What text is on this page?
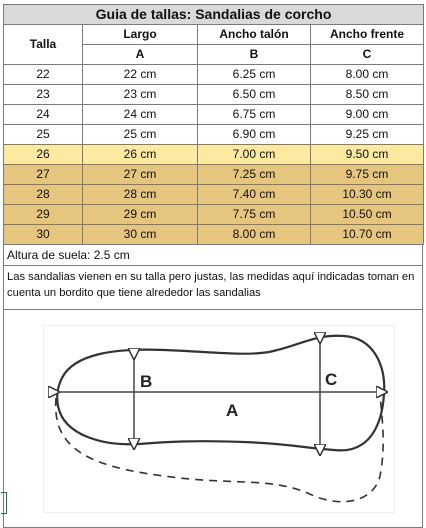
Guia de tallas: Sandalias de corcho			
Talla	Largo	Ancho talón	Ancho frente
	A	B	C
22	22 cm	6.25 cm	8.00 cm
23	23 cm	6.50 cm	8.50 cm
24	24 cm	6.75 cm	9.00 cm
25	25 cm	6.90 cm	9.25 cm
26	26 cm	7.00 cm	9.50 cm
27	27 cm	7.25 cm	9.75 cm
28	28 cm	7.40 cm	10.30 cm
29	29 cm	7.75 cm	10.50 cm
30	30 cm	8.00 cm	10.70 cm
Altura de suela: 2.5 cm
Las sandalias vienen en su talla pero justas, las medidas aquí indicadas toman en cuenta un bordito que tiene alrededor las sandalias
A
B	C
